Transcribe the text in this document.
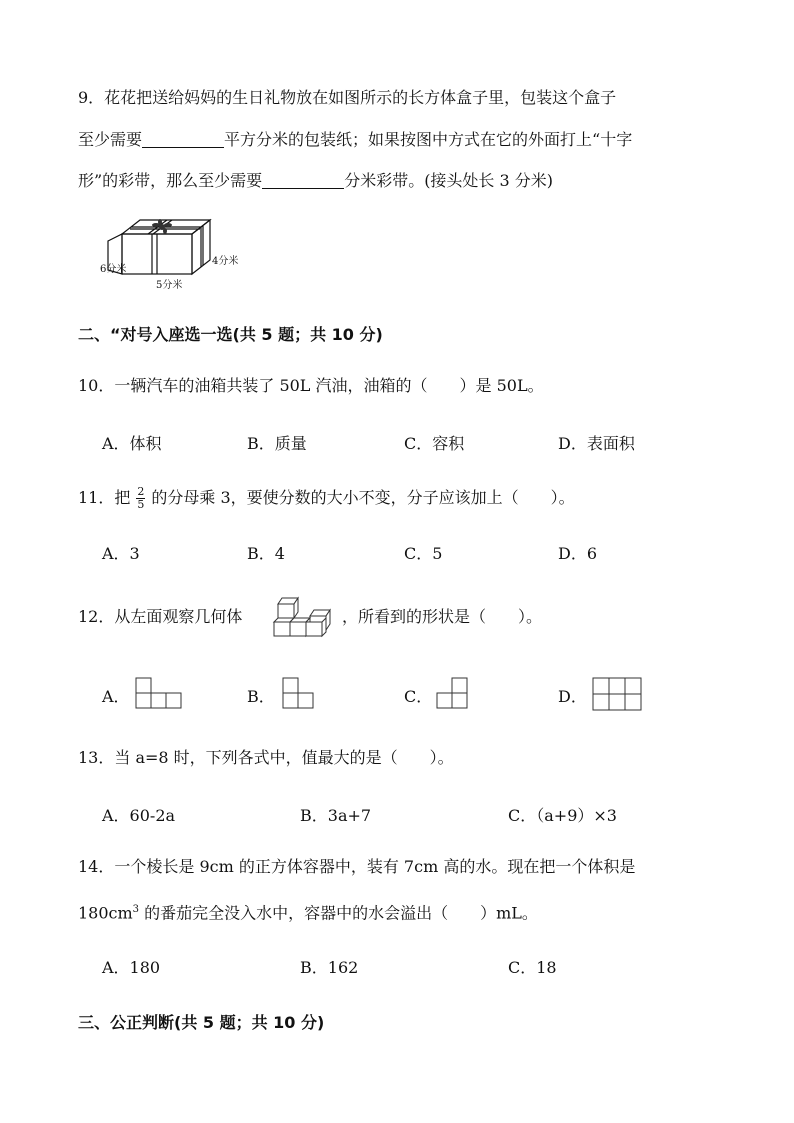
9．花花把送给妈妈的生日礼物放在如图所示的长方体盒子里，包装这个盒子
至少需要	平方分米的包装纸；如果按图中方式在它的外面打上“十字
形”的彩带，那么至少需要	分米彩带。(接头处长 3 分米)
6分米
4分米
5分米
二、“对号入座选一选(共 5 题；共 10 分)
10．一辆汽车的油箱共装了 50L 汽油，油箱的（　　）是 50L。
A．体积	B．质量	C．容积	D．表面积
11．把 $\frac{2}{5}$ 的分母乘 3，要使分数的大小不变，分子应该加上（　　）。
A．3	B．4	C．5	D．6
12．从左面观察几何体	，所看到的形状是（　　）。
A．	B．	C．	D．
13．当 a=8 时，下列各式中，值最大的是（　　）。
A．60-2a	B．3a+7	C．（a+9）×3
14．一个棱长是 9cm 的正方体容器中，装有 7cm 高的水。现在把一个体积是
$180cm^3$ 的番茄完全没入水中，容器中的水会溢出（　　）mL。
A．180	B．162	C．18
三、公正判断(共 5 题；共 10 分)
